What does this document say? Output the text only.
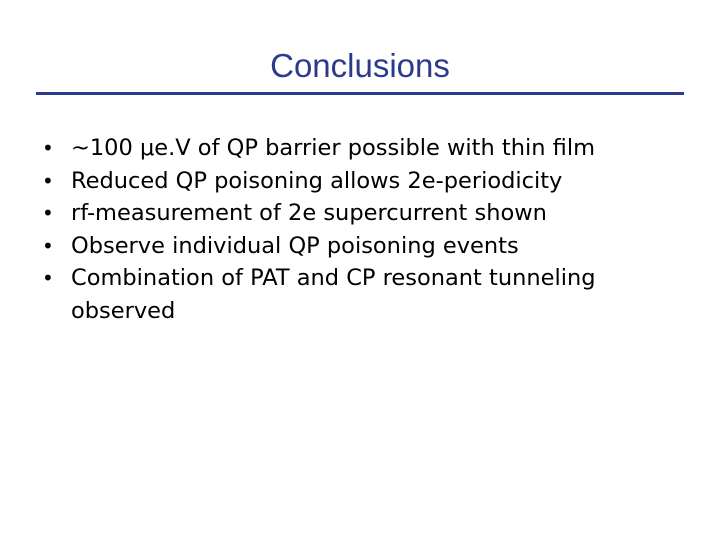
Conclusions
• ~100 μe.V of QP barrier possible with thin film
• Reduced QP poisoning allows 2e-periodicity
• rf-measurement of 2e supercurrent shown
• Observe individual QP poisoning events
• Combination of PAT and CP resonant tunneling observed
